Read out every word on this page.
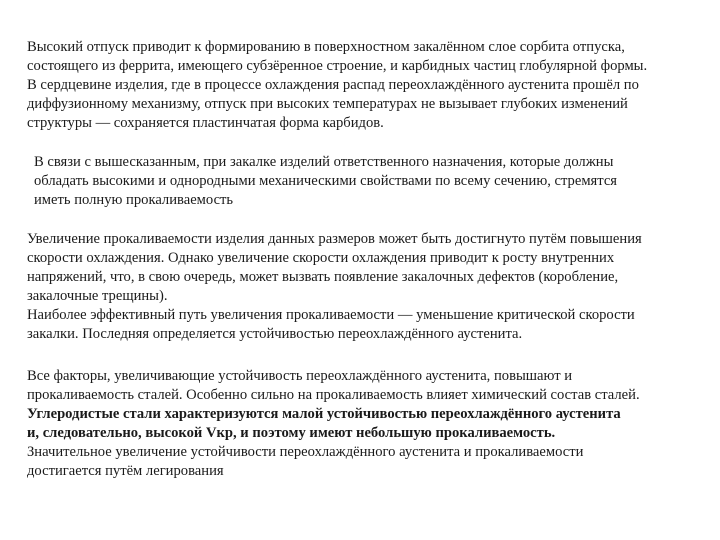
Высокий отпуск приводит к формированию в поверхностном закалённом слое сорбита отпуска,
состоящего из феррита, имеющего субзёренное строение, и карбидных частиц глобулярной формы.
В сердцевине изделия, где в процессе охлаждения распад переохлаждённого аустенита прошёл по
диффузионному механизму, отпуск при высоких температурах не вызывает глубоких изменений
структуры — сохраняется пластинчатая форма карбидов.

В связи с вышесказанным, при закалке изделий ответственного назначения, которые должны
обладать высокими и однородными механическими свойствами по всему сечению, стремятся
иметь полную прокаливаемость

Увеличение прокаливаемости изделия данных размеров может быть достигнуто путём повышения
скорости охлаждения. Однако увеличение скорости охлаждения приводит к росту внутренних
напряжений, что, в свою очередь, может вызвать появление закалочных дефектов (коробление,
закалочные трещины).
Наиболее эффективный путь увеличения прокаливаемости — уменьшение критической скорости
закалки. Последняя определяется устойчивостью переохлаждённого аустенита.

Все факторы, увеличивающие устойчивость переохлаждённого аустенита, повышают и
прокаливаемость сталей. Особенно сильно на прокаливаемость влияет химический состав сталей.
Углеродистые стали характеризуются малой устойчивостью переохлаждённого аустенита
и, следовательно, высокой Vкр, и поэтому имеют небольшую прокаливаемость.
Значительное увеличение устойчивости переохлаждённого аустенита и прокаливаемости
достигается путём легирования
